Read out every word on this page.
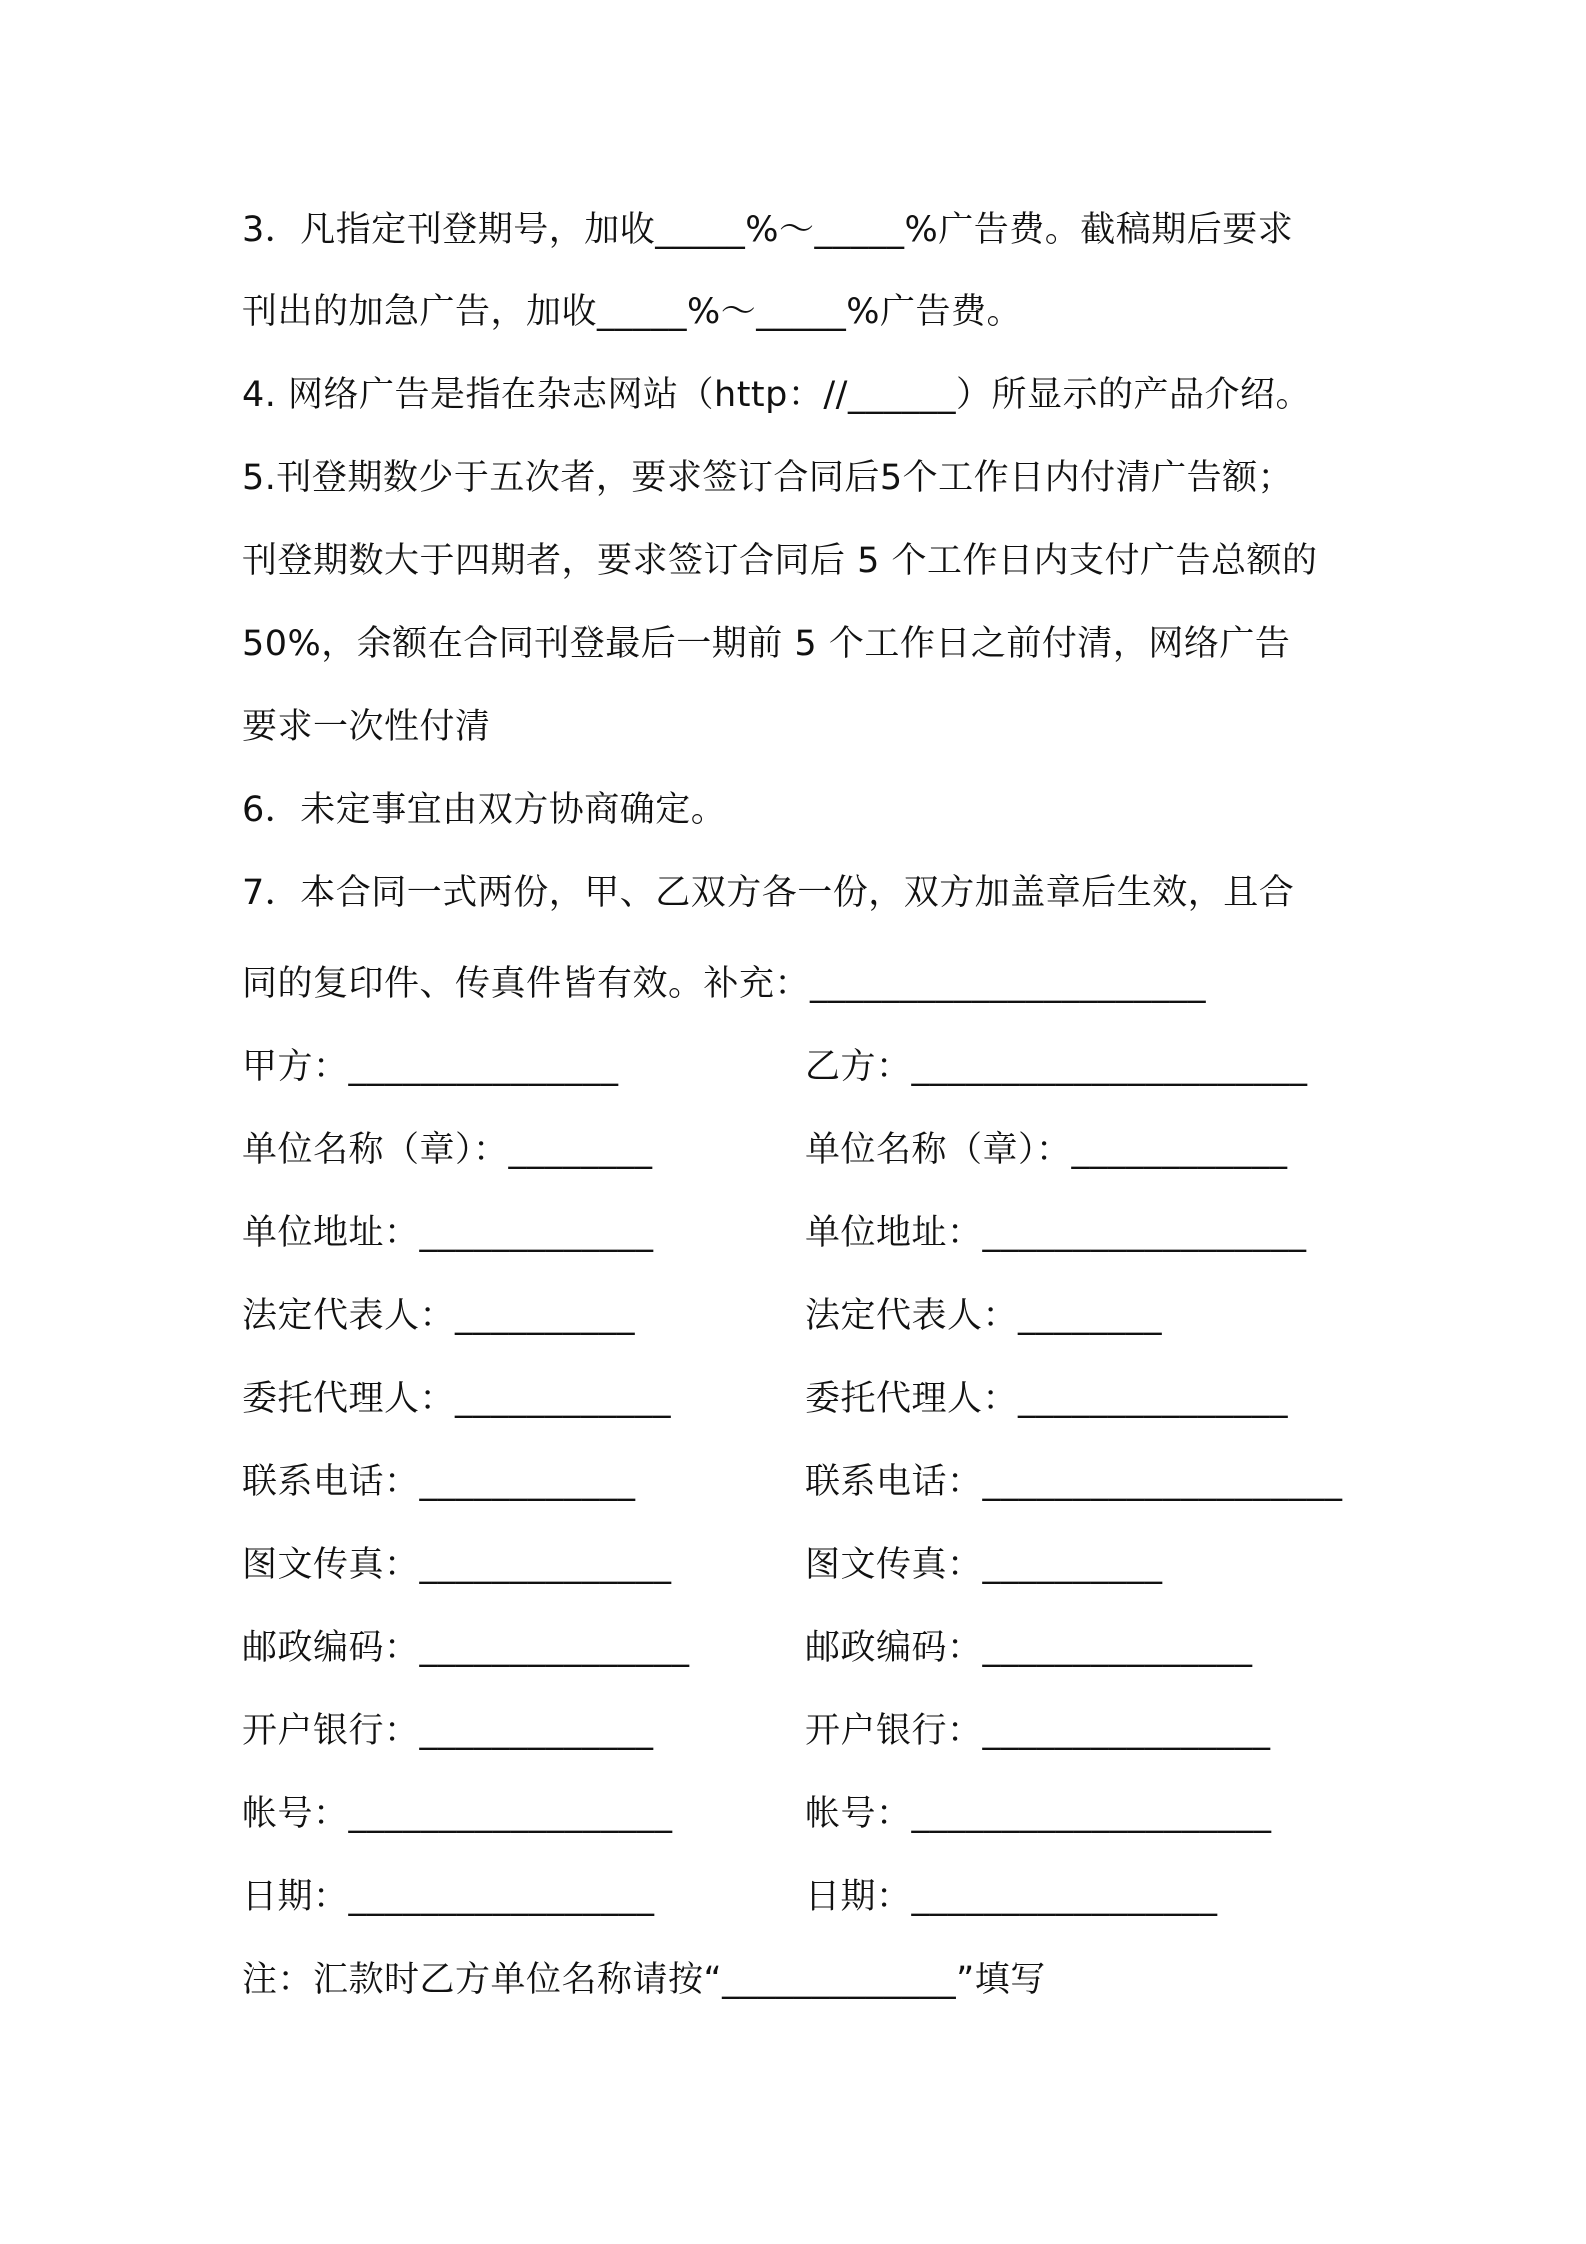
3．凡指定刊登期号，加收_____%～_____%广告费。截稿期后要求
刊出的加急广告，加收_____%～_____%广告费。
4. 网络广告是指在杂志网站（http：//______）所显示的产品介绍。
5.刊登期数少于五次者，要求签订合同后5个工作日内付清广告额；
刊登期数大于四期者，要求签订合同后 5 个工作日内支付广告总额的
50%，余额在合同刊登最后一期前 5 个工作日之前付清，网络广告
要求一次性付清
6．未定事宜由双方协商确定。
7．本合同一式两份，甲、乙双方各一份，双方加盖章后生效，且合
同的复印件、传真件皆有效。补充：______________________
甲方：_______________
单位名称（章）：________
单位地址：_____________
法定代表人：__________
委托代理人：____________
联系电话：____________
图文传真：______________
邮政编码：_______________
开户银行：_____________
帐号：__________________
日期：_________________
乙方：______________________
单位名称（章）：____________
单位地址：__________________
法定代表人：________
委托代理人：_______________
联系电话：____________________
图文传真：__________
邮政编码：_______________
开户银行：________________
帐号：____________________
日期：_________________
注：汇款时乙方单位名称请按“_____________”填写
